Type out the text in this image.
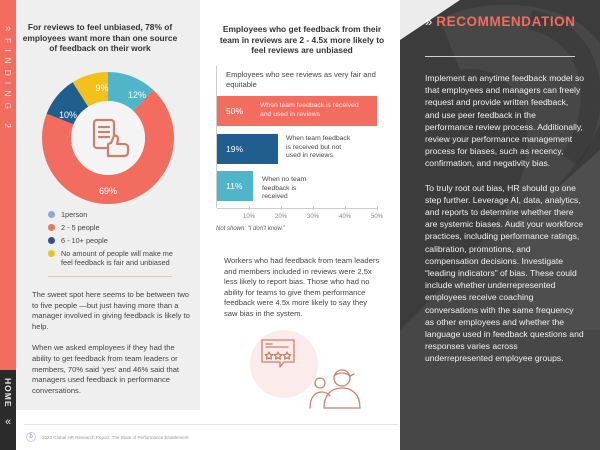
»
FINDING 2
HOME
«
For reviews to feel unbiased, 78% of employees want more than one source of feedback on their work
12%
9%
10%
69%
1person
2 - 5 people
6 - 10+ people
No amount of people will make me feel feedback is fair and unbiased

The sweet spot here seems to be between two to five people —but just having more than a manager involved in giving feedback is likely to help.

When we asked employees if they had the ability to get feedback from team leaders or members, 70% said ‘yes’ and 46% said that managers used feedback in performance conversations.

b	2023 Global HR Research Report: The State of Performance Enablement
Employees who get feedback from their team in reviews are 2 - 4.5x more likely to feel reviews are unbiased
Employees who see reviews as very fair and equitable
50%
When team feedback is received and used in reviews
19%
When team feedback is received but not used in reviews
11%
When no team feedback is received
10%	20%	30%	40%	50%
Not shown: “I don’t know.”
Workers who had feedback from team leaders and members included in reviews were 2.5x less likely to report bias. Those who had no ability for teams to give them performance feedback were 4.5x more likely to say they saw bias in the system.
» RECOMMENDATION

Implement an anytime feedback model so that employees and managers can freely request and provide written feedback, and use peer feedback in the performance review process. Additionally, review your performance management process for biases, such as recency, confirmation, and negativity bias.

To truly root out bias, HR should go one step further. Leverage AI, data, analytics, and reports to determine whether there are systemic biases. Audit your workforce practices, including performance ratings, calibration, promotions, and compensation decisions. Investigate “leading indicators” of bias. These could include whether underrepresented employees receive coaching conversations with the same frequency as other employees and whether the language used in feedback questions and responses varies across underrepresented employee groups.
